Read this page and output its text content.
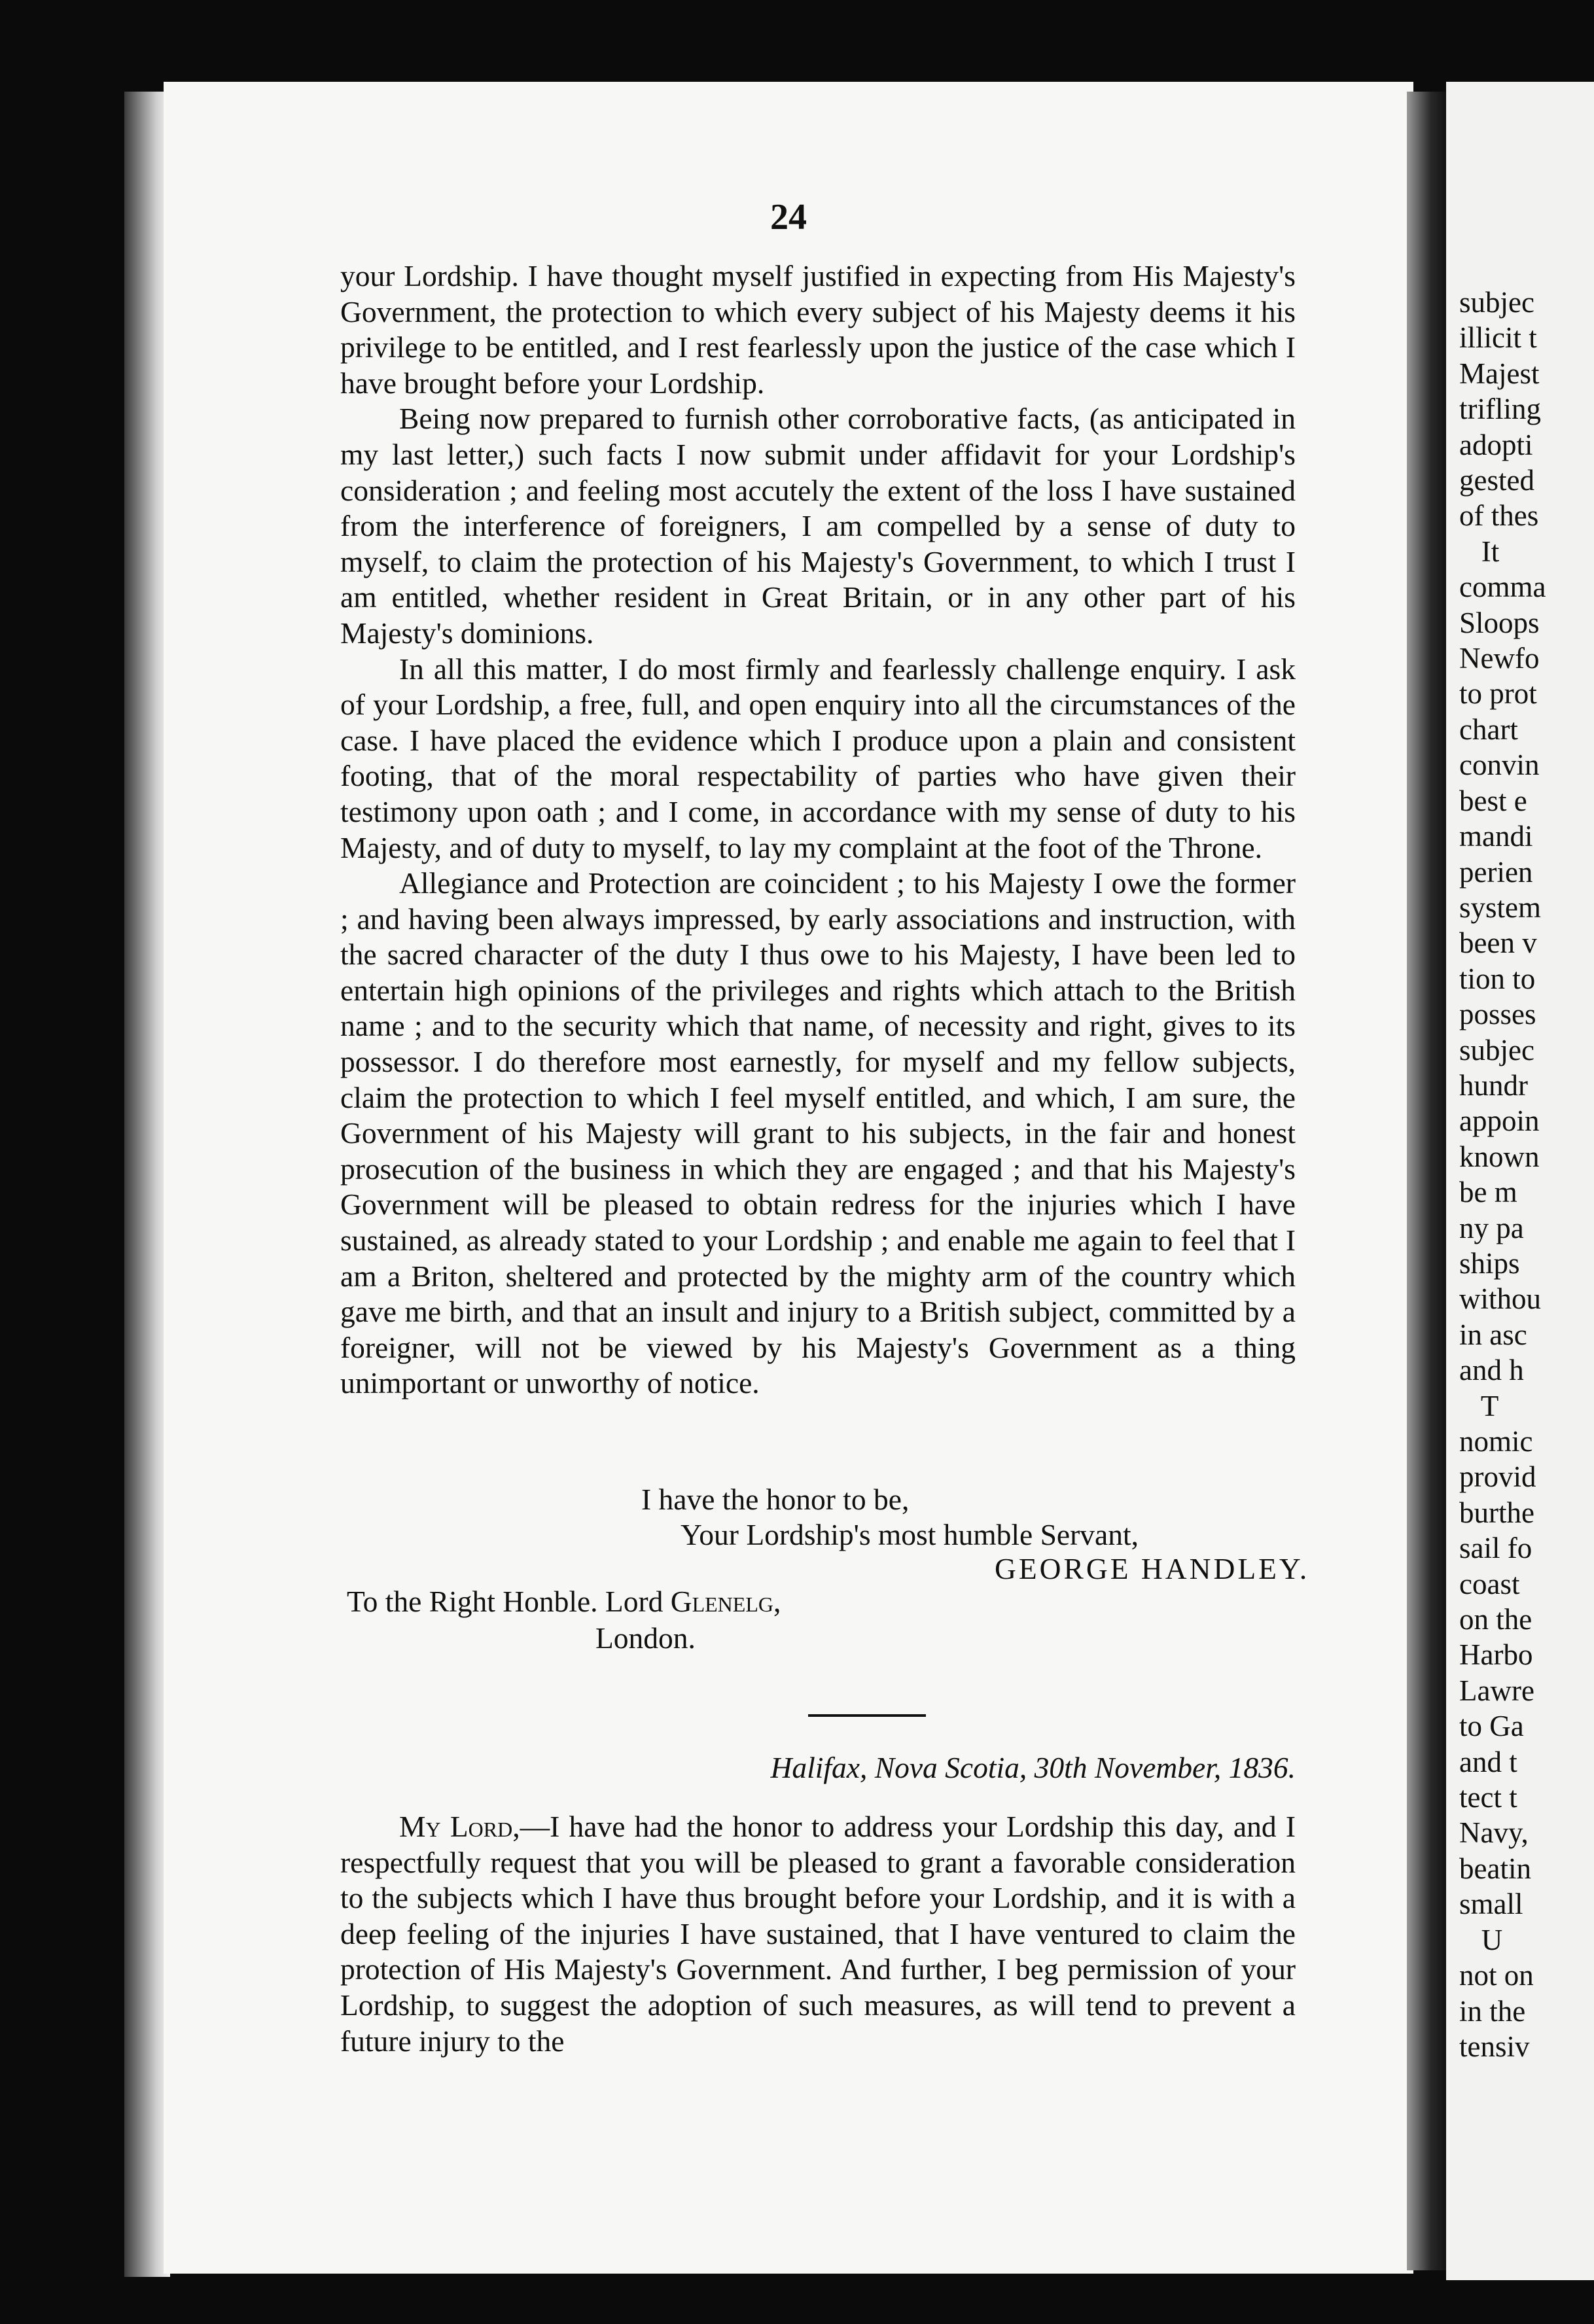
24

your Lordship. I have thought myself justified in expecting from His Majesty's Government, the protection to which every subject of his Majesty deems it his privilege to be entitled, and I rest fearlessly upon the justice of the case which I have brought before your Lordship.

Being now prepared to furnish other corroborative facts, (as anticipated in my last letter,) such facts I now submit under affidavit for your Lordship's consideration ; and feeling most accutely the extent of the loss I have sustained from the interference of foreigners, I am compelled by a sense of duty to myself, to claim the protection of his Majesty's Government, to which I trust I am entitled, whether resident in Great Britain, or in any other part of his Majesty's dominions.

In all this matter, I do most firmly and fearlessly challenge enquiry. I ask of your Lordship, a free, full, and open enquiry into all the circumstances of the case. I have placed the evidence which I produce upon a plain and consistent footing, that of the moral respectability of parties who have given their testimony upon oath ; and I come, in accordance with my sense of duty to his Majesty, and of duty to myself, to lay my complaint at the foot of the Throne.

Allegiance and Protection are coincident ; to his Majesty I owe the former ; and having been always impressed, by early associations and instruction, with the sacred character of the duty I thus owe to his Majesty, I have been led to entertain high opinions of the privileges and rights which attach to the British name ; and to the security which that name, of necessity and right, gives to its possessor. I do therefore most earnestly, for myself and my fellow subjects, claim the protection to which I feel myself entitled, and which, I am sure, the Government of his Majesty will grant to his subjects, in the fair and honest prosecution of the business in which they are engaged ; and that his Majesty's Government will be pleased to obtain redress for the injuries which I have sustained, as already stated to your Lordship ; and enable me again to feel that I am a Briton, sheltered and protected by the mighty arm of the country which gave me birth, and that an insult and injury to a British subject, committed by a foreigner, will not be viewed by his Majesty's Government as a thing unimportant or unworthy of notice.

I have the honor to be,
Your Lordship's most humble Servant,
GEORGE HANDLEY.
To the Right Honble. Lord Glenelg,
London.
Halifax, Nova Scotia, 30th November, 1836.

My Lord,—I have had the honor to address your Lordship this day, and I respectfully request that you will be pleased to grant a favorable consideration to the subjects which I have thus brought before your Lordship, and it is with a deep feeling of the injuries I have sustained, that I have ventured to claim the protection of His Majesty's Government. And further, I beg permission of your Lordship, to suggest the adoption of such measures, as will tend to prevent a future injury to the

subjec
illicit t
Majest
trifling
adopti
gested
of thes
It
comma
Sloops
Newfo
to prot
chart
convin
best e
mandi
perien
system
been v
tion to
posses
subjec
hundr
appoin
known
be m
ny pa
ships
withou
in asc
and h
T
nomic
provid
burthe
sail fo
coast
on the
Harbo
Lawre
to Ga
and t
tect t
Navy,
beatin
small
U
not on
in the
tensiv
